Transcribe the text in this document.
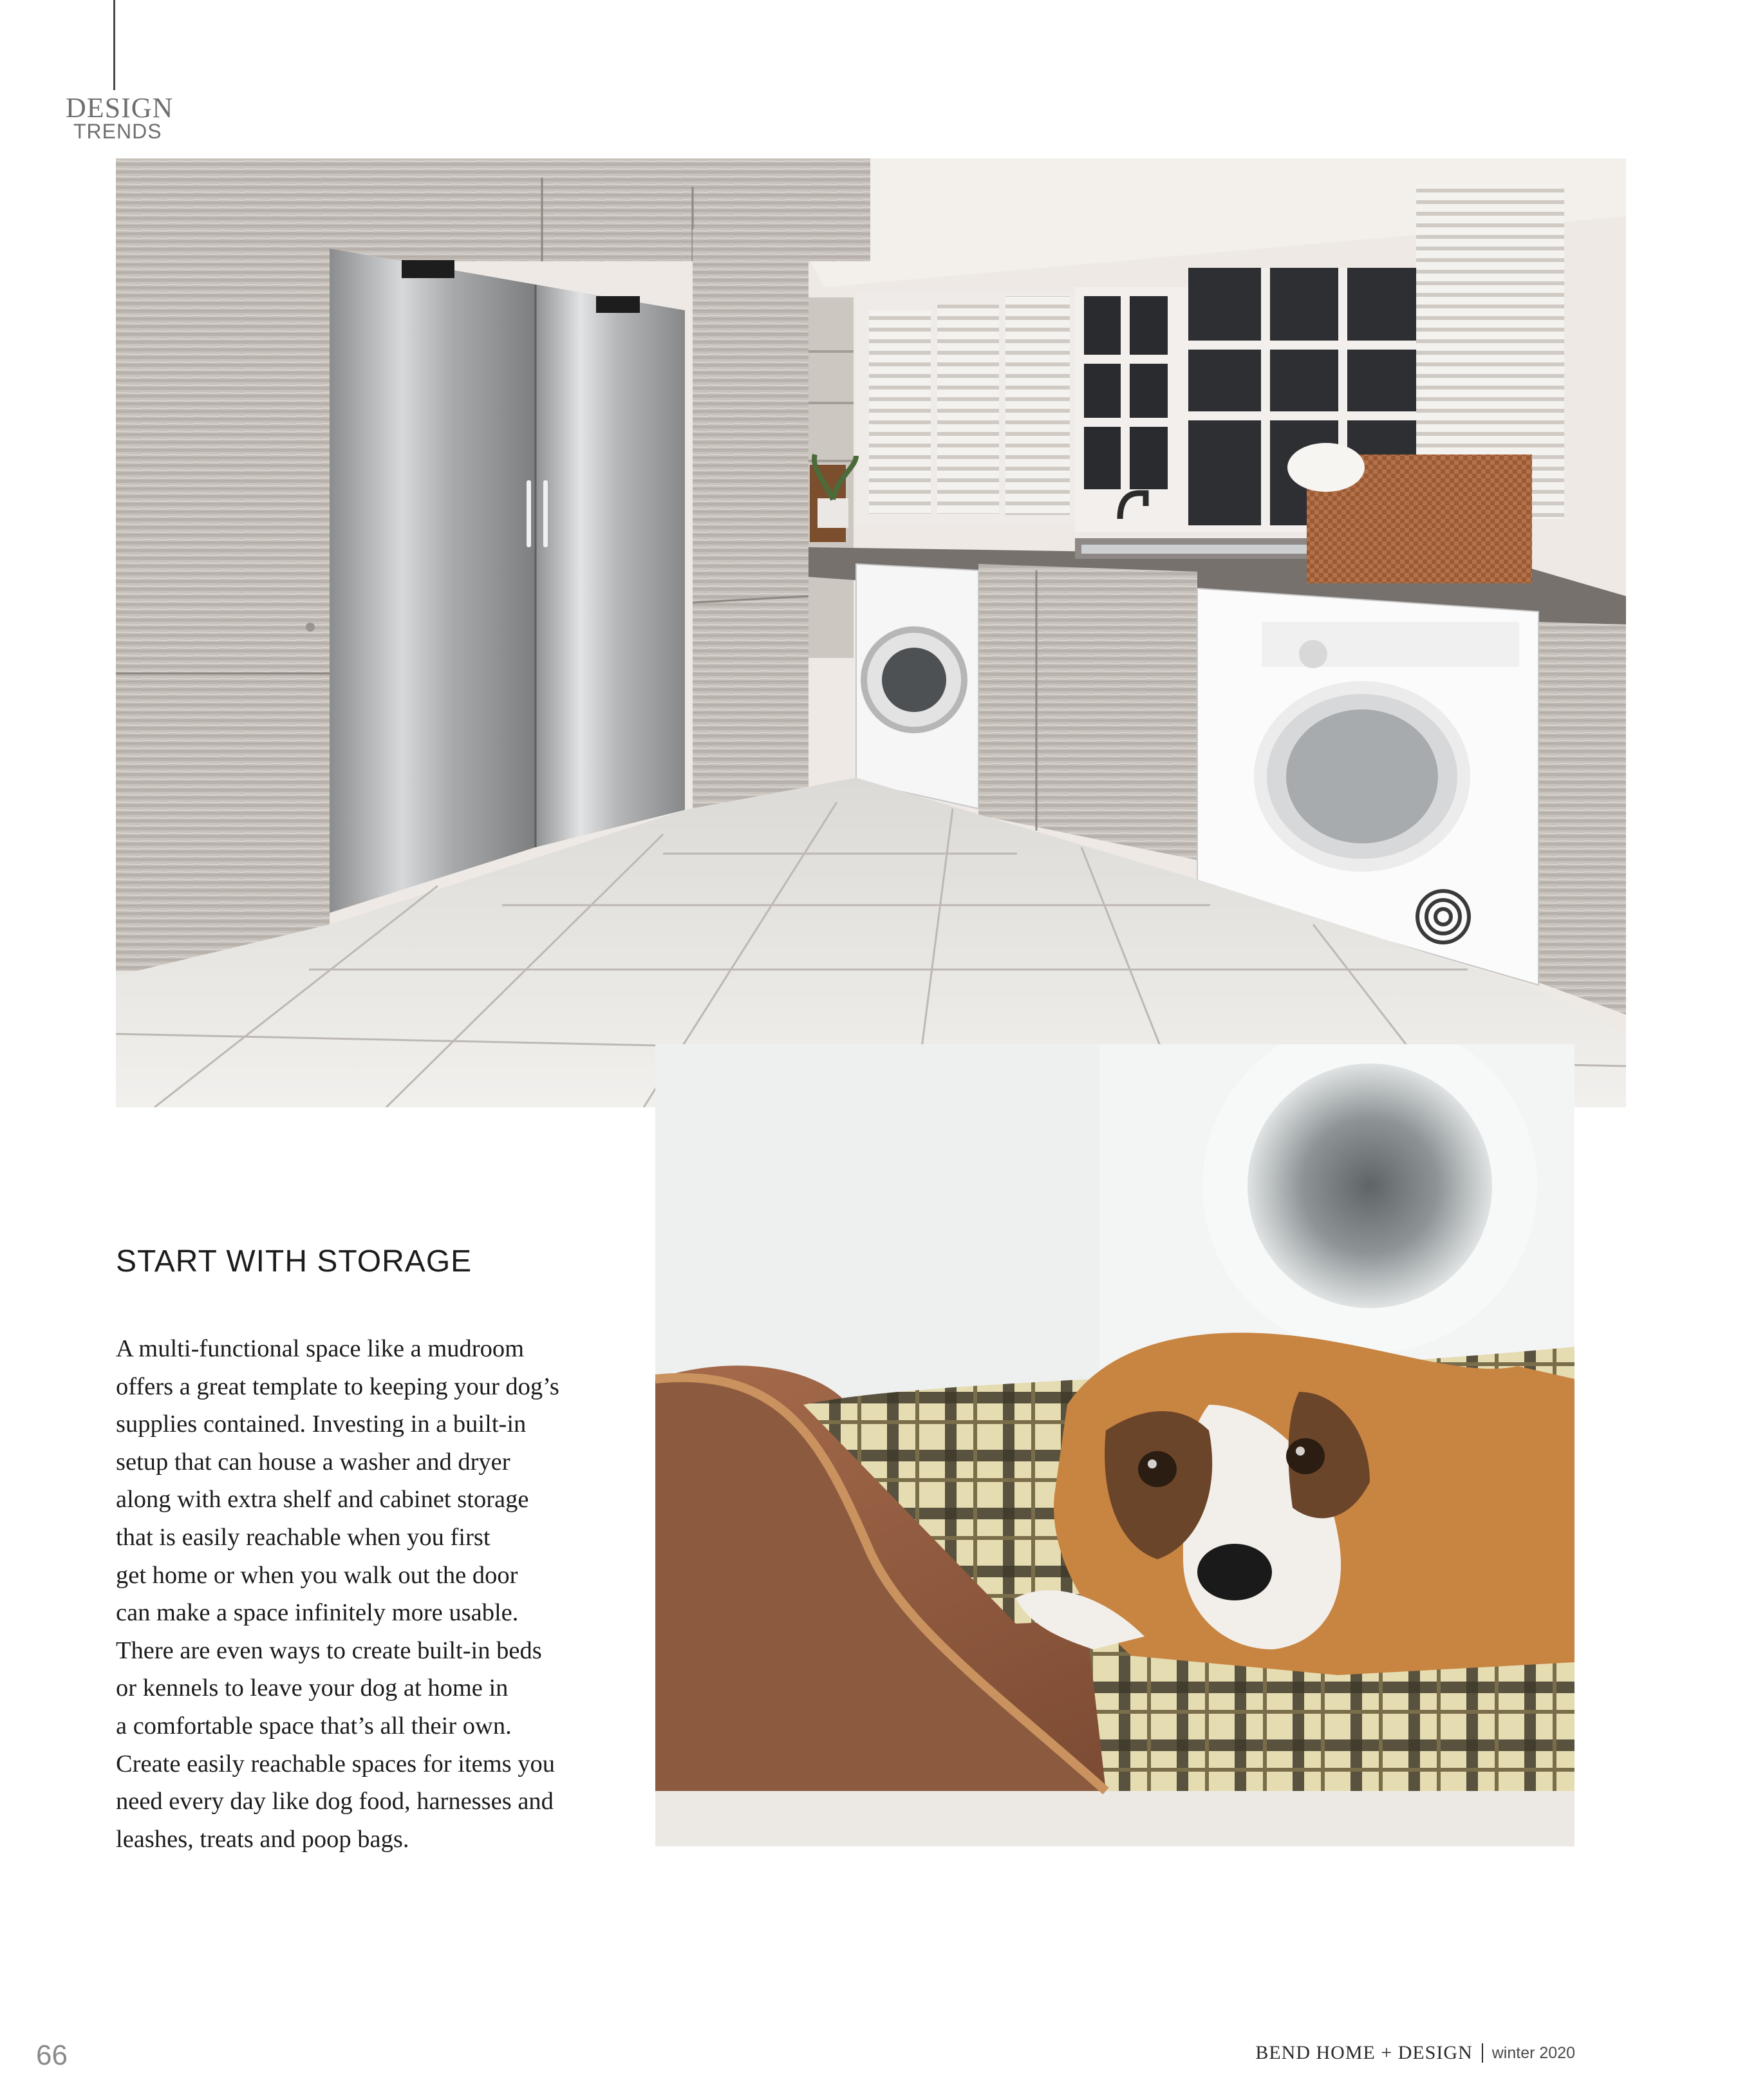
DESIGN
TRENDS
START WITH STORAGE
A multi-functional space like a mudroom
offers a great template to keeping your dog’s
supplies contained. Investing in a built-in
setup that can house a washer and dryer
along with extra shelf and cabinet storage
that is easily reachable when you first
get home or when you walk out the door
can make a space infinitely more usable.
There are even ways to create built-in beds
or kennels to leave your dog at home in
a comfortable space that’s all their own.
Create easily reachable spaces for items you
need every day like dog food, harnesses and
leashes, treats and poop bags.
66	BEND HOME + DESIGN winter 2020
